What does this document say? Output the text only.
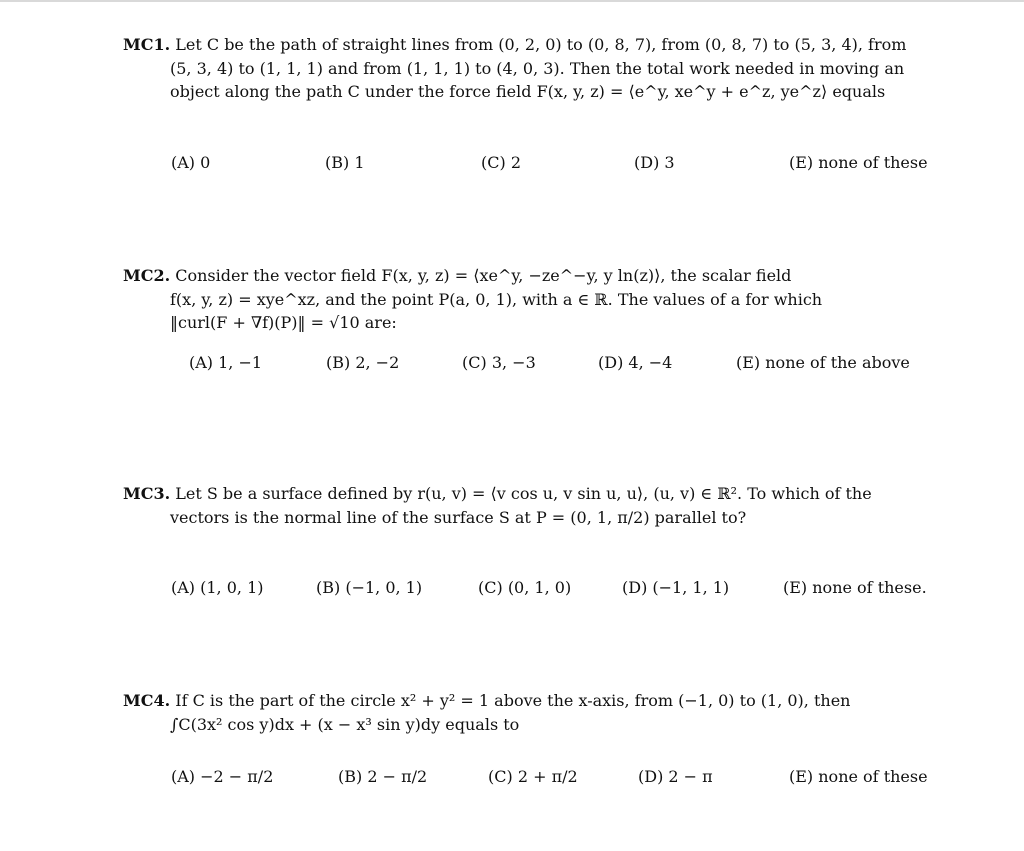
MC1. Let C be the path of straight lines from (0, 2, 0) to (0, 8, 7), from (0, 8, 7) to (5, 3, 4), from

(5, 3, 4) to (1, 1, 1) and from (1, 1, 1) to (4, 0, 3). Then the total work needed in moving an
object along the path C under the force field F(x, y, z) = ⟨e^y, xe^y + e^z, ye^z⟩ equals
(A) 0	(B) 1	(C) 2	(D) 3	(E) none of these

MC2. Consider the vector field F(x, y, z) = ⟨xe^y, −ze^−y, y ln(z)⟩, the scalar field

f(x, y, z) = xye^xz, and the point P(a, 0, 1), with a ∈ ℝ. The values of a for which
‖curl(F + ∇f)(P)‖ = √10 are:
(A) 1, −1	(B) 2, −2	(C) 3, −3	(D) 4, −4	(E) none of the above

MC3. Let S be a surface defined by r(u, v) = ⟨v cos u, v sin u, u⟩, (u, v) ∈ ℝ². To which of the

vectors is the normal line of the surface S at P = (0, 1, π/2) parallel to?
(A) (1, 0, 1)	(B) (−1, 0, 1)	(C) (0, 1, 0)	(D) (−1, 1, 1)	(E) none of these.

MC4. If C is the part of the circle x² + y² = 1 above the x-axis, from (−1, 0) to (1, 0), then

∫C(3x² cos y)dx + (x − x³ sin y)dy equals to
(A) −2 − π/2	(B) 2 − π/2	(C) 2 + π/2	(D) 2 − π	(E) none of these
